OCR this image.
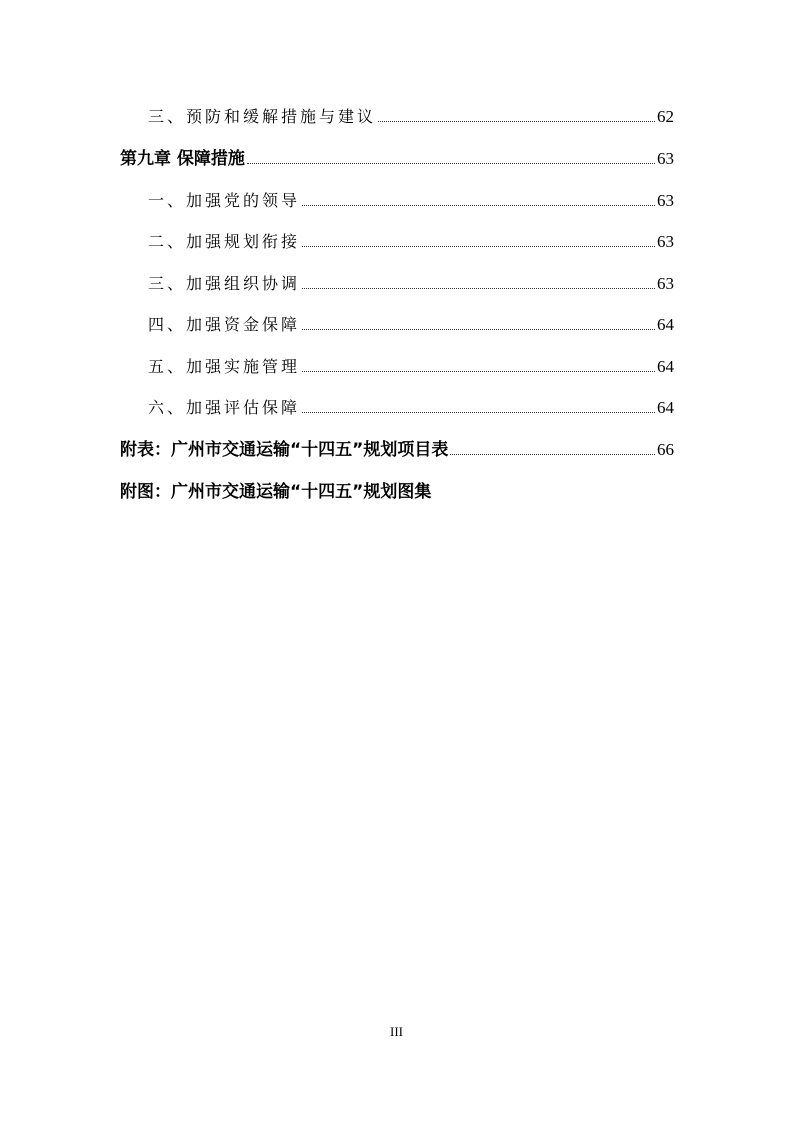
三、预防和缓解措施与建议	62
第九章 保障措施	63
一、加强党的领导	63
二、加强规划衔接	63
三、加强组织协调	63
四、加强资金保障	64
五、加强实施管理	64
六、加强评估保障	64
附表：广州市交通运输“十四五”规划项目表	66
附图：广州市交通运输“十四五”规划图集
III
